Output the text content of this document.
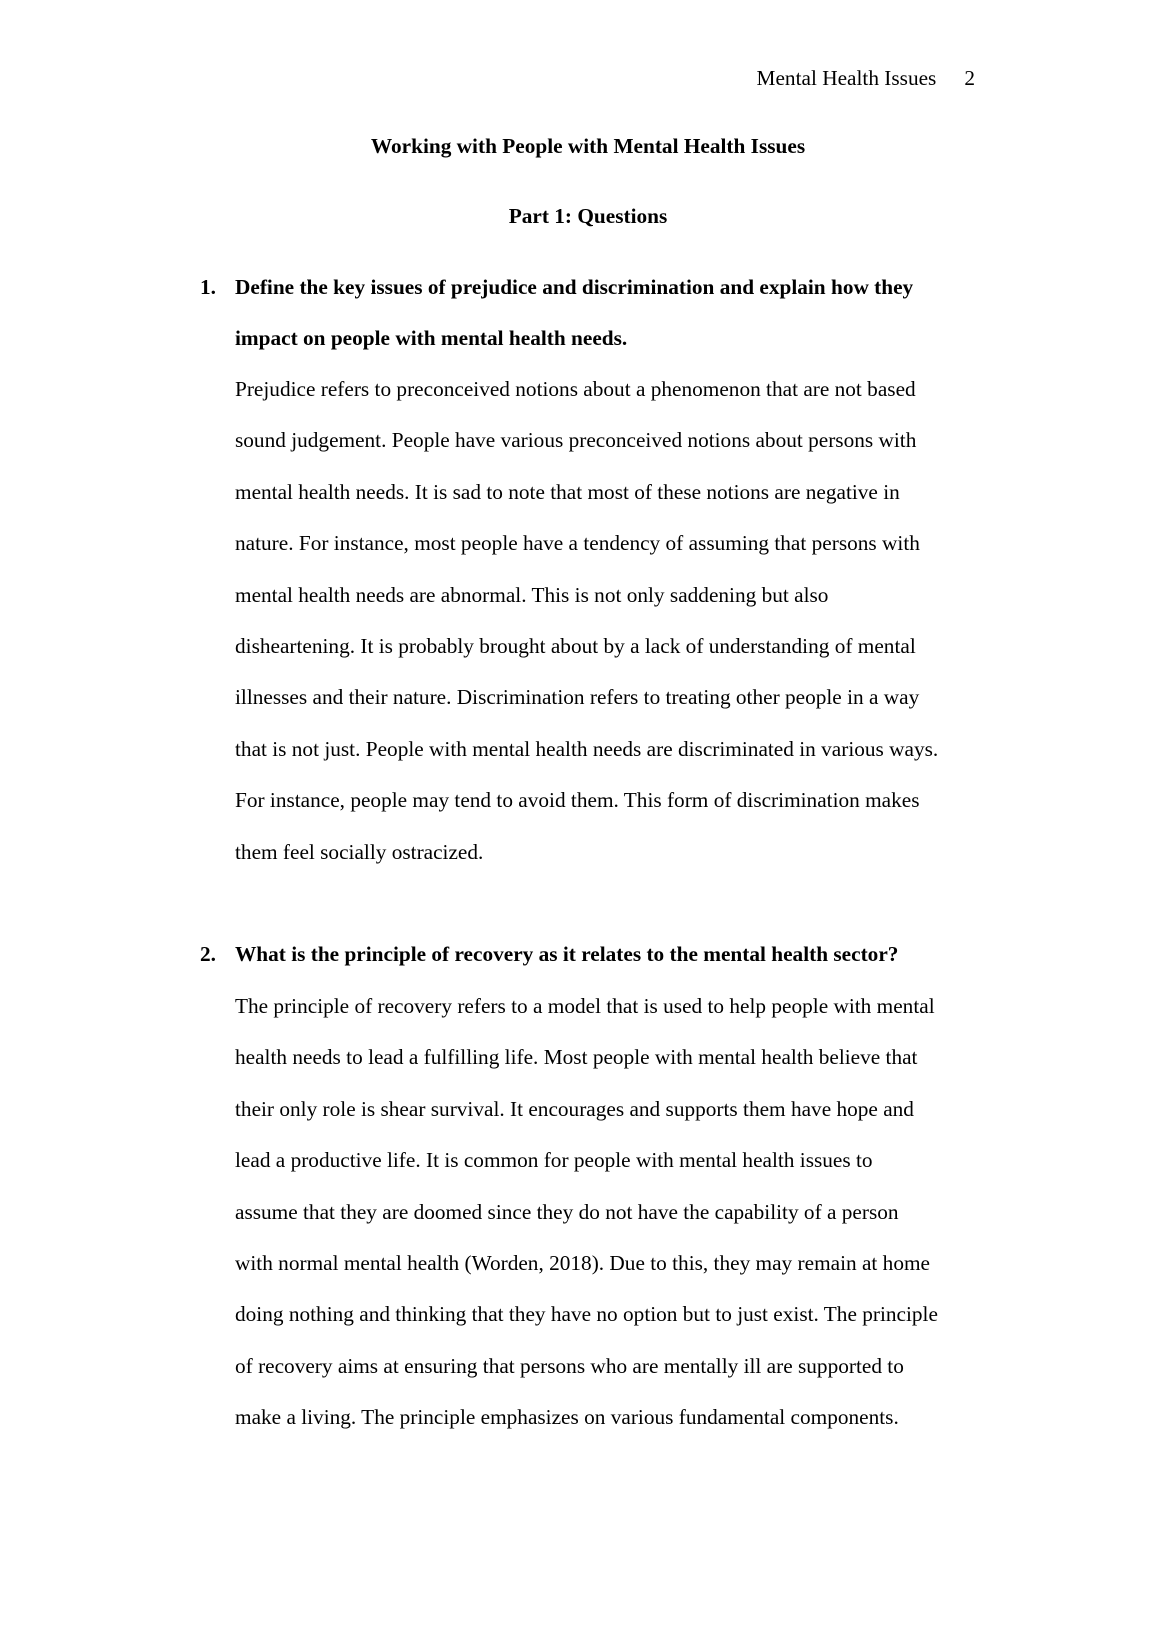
Mental Health Issues 2
Working with People with Mental Health Issues
Part 1: Questions
1. Define the key issues of prejudice and discrimination and explain how they
impact on people with mental health needs.
Prejudice refers to preconceived notions about a phenomenon that are not based
sound judgement. People have various preconceived notions about persons with
mental health needs. It is sad to note that most of these notions are negative in
nature. For instance, most people have a tendency of assuming that persons with
mental health needs are abnormal. This is not only saddening but also
disheartening. It is probably brought about by a lack of understanding of mental
illnesses and their nature. Discrimination refers to treating other people in a way
that is not just. People with mental health needs are discriminated in various ways.
For instance, people may tend to avoid them. This form of discrimination makes
them feel socially ostracized.
2. What is the principle of recovery as it relates to the mental health sector?
The principle of recovery refers to a model that is used to help people with mental
health needs to lead a fulfilling life. Most people with mental health believe that
their only role is shear survival. It encourages and supports them have hope and
lead a productive life. It is common for people with mental health issues to
assume that they are doomed since they do not have the capability of a person
with normal mental health (Worden, 2018). Due to this, they may remain at home
doing nothing and thinking that they have no option but to just exist. The principle
of recovery aims at ensuring that persons who are mentally ill are supported to
make a living. The principle emphasizes on various fundamental components.
